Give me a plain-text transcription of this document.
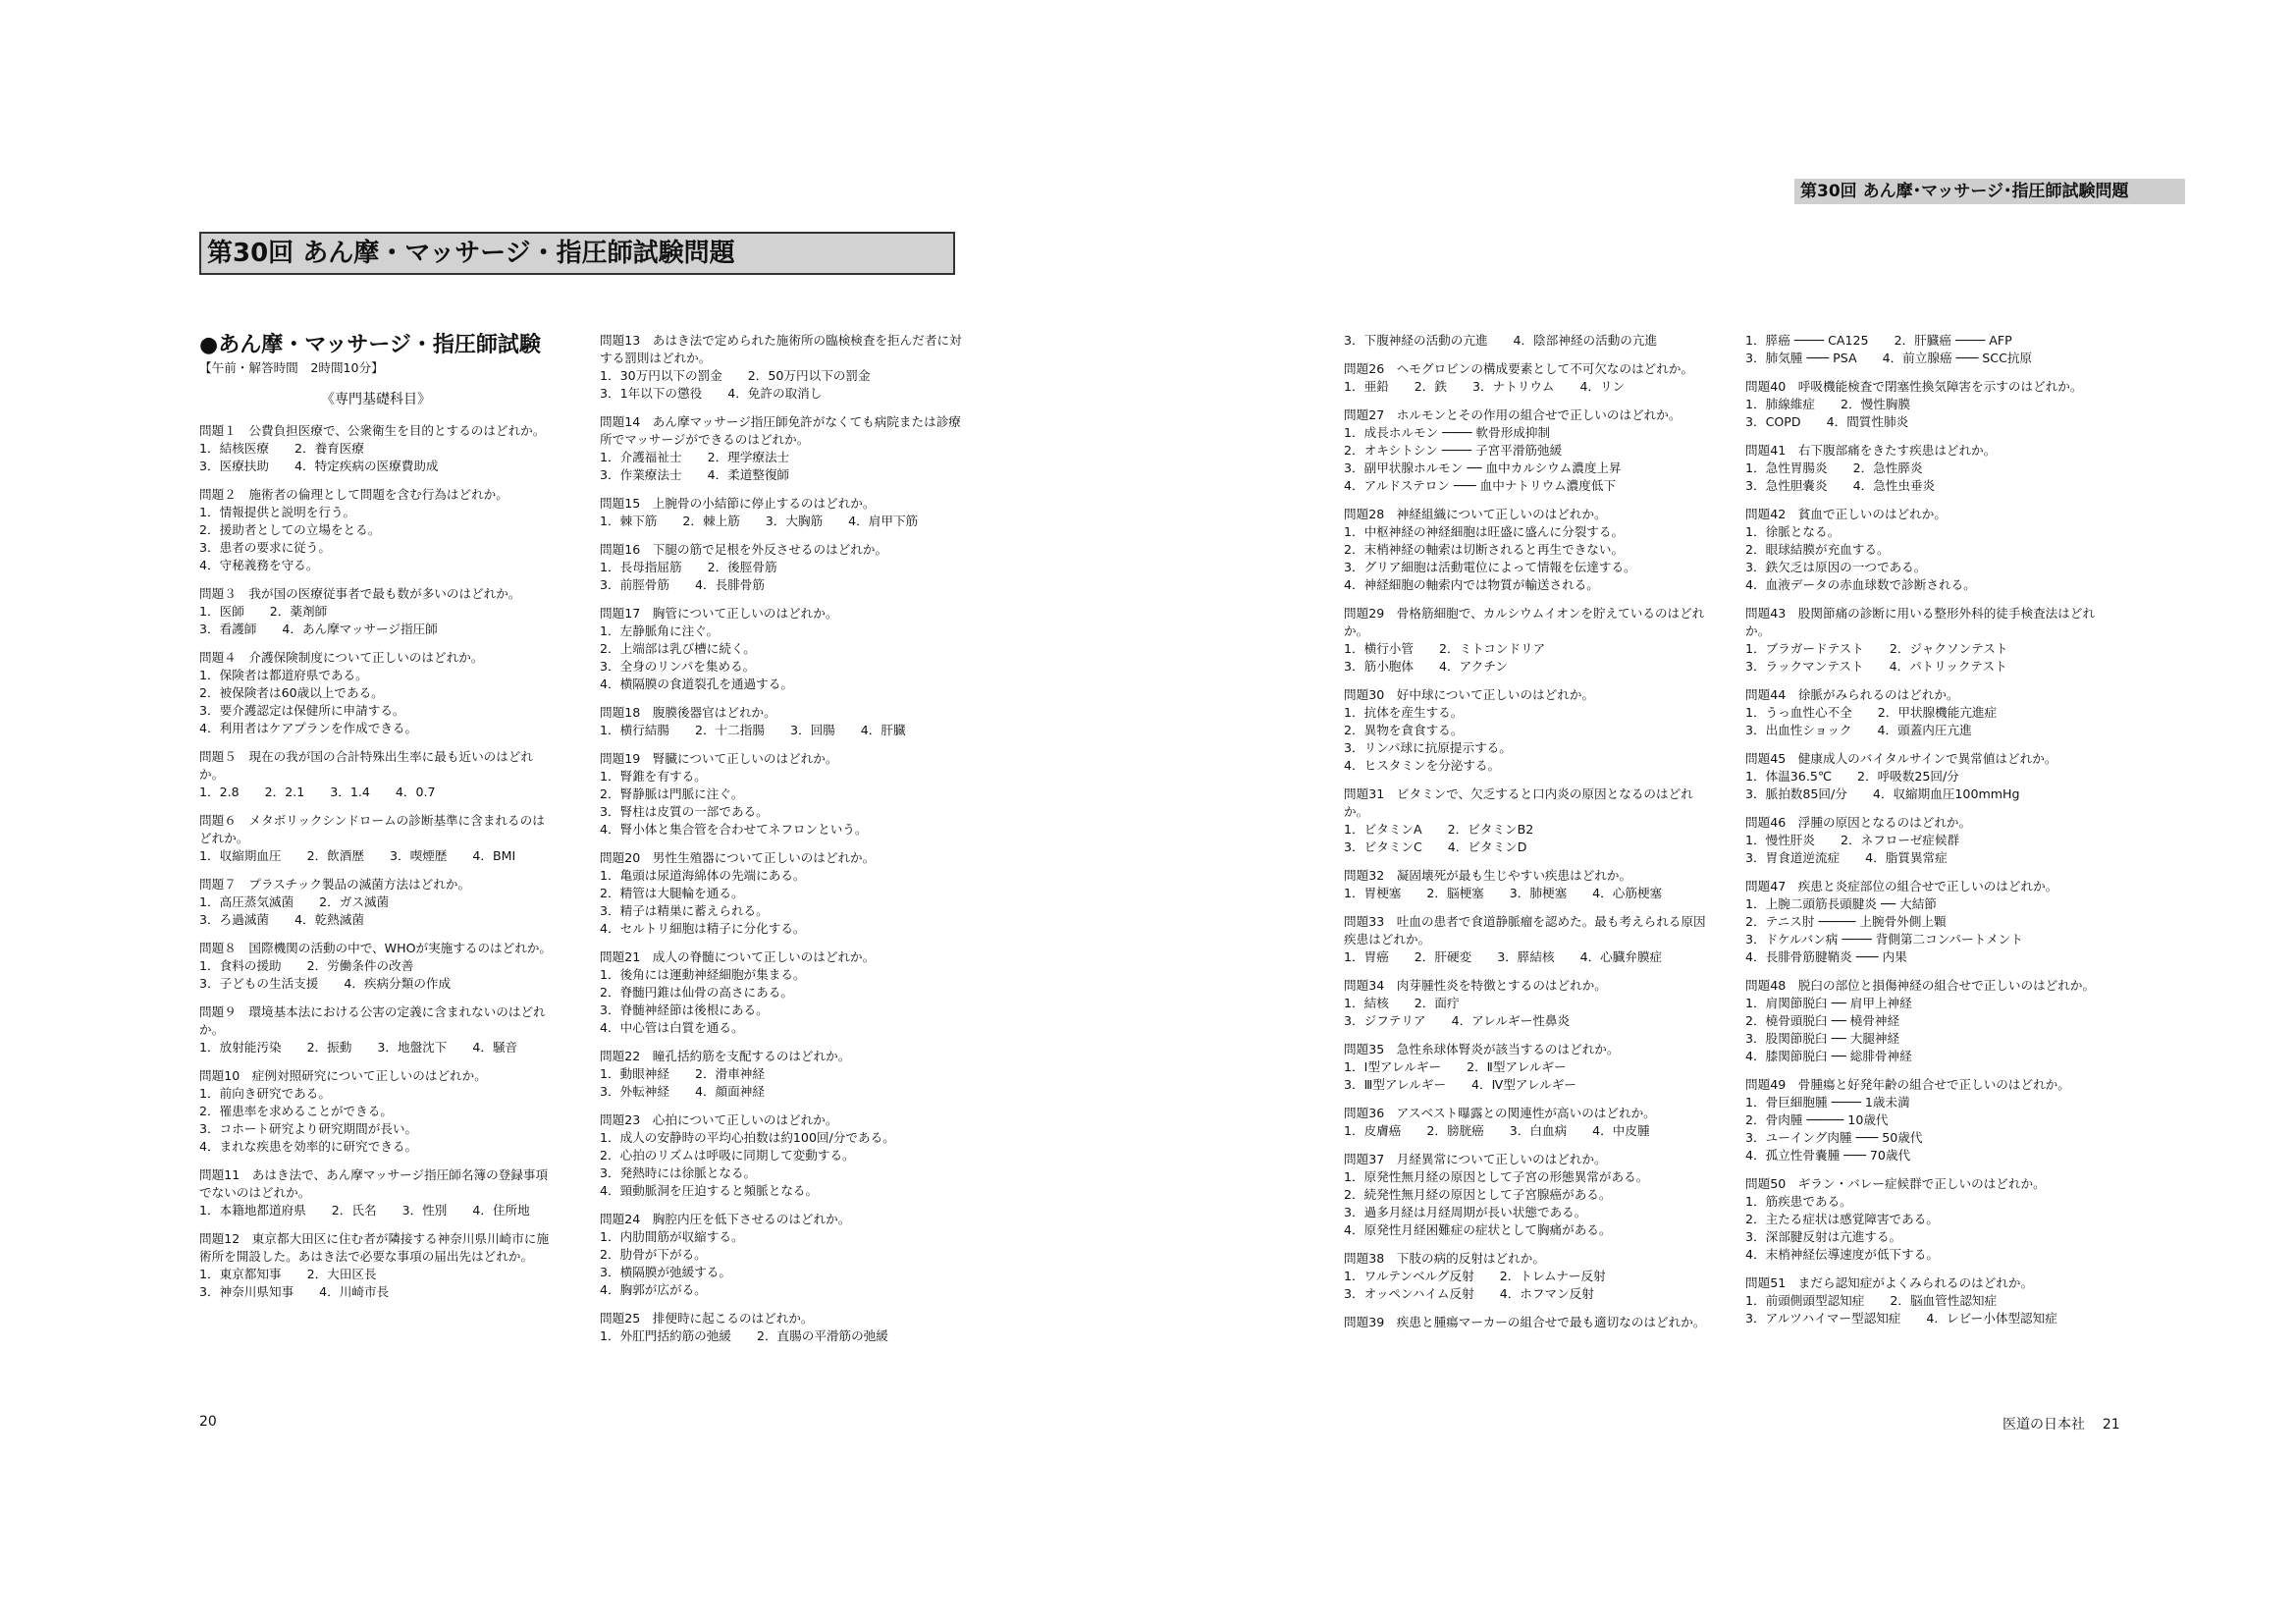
第30回 あん摩･マッサージ･指圧師試験問題
第30回 あん摩・マッサージ・指圧師試験問題
●あん摩・マッサージ・指圧師試験
【午前・解答時間　2時間10分】
《専門基礎科目》
問題１　公費負担医療で、公衆衛生を目的とするのはどれか。
1．結核医療 2．養育医療
3．医療扶助 4．特定疾病の医療費助成
問題２　施術者の倫理として問題を含む行為はどれか。
1．情報提供と説明を行う。
2．援助者としての立場をとる。
3．患者の要求に従う。
4．守秘義務を守る。
問題３　我が国の医療従事者で最も数が多いのはどれか。
1．医師 2．薬剤師
3．看護師 4．あん摩マッサージ指圧師
問題４　介護保険制度について正しいのはどれか。
1．保険者は都道府県である。
2．被保険者は60歳以上である。
3．要介護認定は保健所に申請する。
4．利用者はケアプランを作成できる。
問題５　現在の我が国の合計特殊出生率に最も近いのはどれか。
1．2.8 2．2.1 3．1.4 4．0.7
問題６　メタボリックシンドロームの診断基準に含まれるのはどれか。
1．収縮期血圧 2．飲酒歴 3．喫煙歴 4．BMI
問題７　プラスチック製品の滅菌方法はどれか。
1．高圧蒸気滅菌 2．ガス滅菌
3．ろ過滅菌 4．乾熱滅菌
問題８　国際機関の活動の中で、WHOが実施するのはどれか。
1．食料の援助 2．労働条件の改善
3．子どもの生活支援 4．疾病分類の作成
問題９　環境基本法における公害の定義に含まれないのはどれか。
1．放射能汚染 2．振動 3．地盤沈下 4．騒音
問題10　症例対照研究について正しいのはどれか。
1．前向き研究である。
2．罹患率を求めることができる。
3．コホート研究より研究期間が長い。
4．まれな疾患を効率的に研究できる。
問題11　あはき法で、あん摩マッサージ指圧師名簿の登録事項でないのはどれか。
1．本籍地都道府県 2．氏名 3．性別 4．住所地
問題12　東京都大田区に住む者が隣接する神奈川県川崎市に施術所を開設した。あはき法で必要な事項の届出先はどれか。
1．東京都知事 2．大田区長
3．神奈川県知事 4．川崎市長
問題13　あはき法で定められた施術所の臨検検査を拒んだ者に対する罰則はどれか。
1．30万円以下の罰金 2．50万円以下の罰金
3．1年以下の懲役 4．免許の取消し
問題14　あん摩マッサージ指圧師免許がなくても病院または診療所でマッサージができるのはどれか。
1．介護福祉士 2．理学療法士
3．作業療法士 4．柔道整復師
問題15　上腕骨の小結節に停止するのはどれか。
1．棘下筋 2．棘上筋 3．大胸筋 4．肩甲下筋
問題16　下腿の筋で足根を外反させるのはどれか。
1．長母指屈筋 2．後脛骨筋
3．前脛骨筋 4．長腓骨筋
問題17　胸管について正しいのはどれか。
1．左静脈角に注ぐ。
2．上端部は乳び槽に続く。
3．全身のリンパを集める。
4．横隔膜の食道裂孔を通過する。
問題18　腹膜後器官はどれか。
1．横行結腸 2．十二指腸 3．回腸 4．肝臓
問題19　腎臓について正しいのはどれか。
1．腎錐を有する。
2．腎静脈は門脈に注ぐ。
3．腎柱は皮質の一部である。
4．腎小体と集合管を合わせてネフロンという。
問題20　男性生殖器について正しいのはどれか。
1．亀頭は尿道海綿体の先端にある。
2．精管は大腿輪を通る。
3．精子は精巣に蓄えられる。
4．セルトリ細胞は精子に分化する。
問題21　成人の脊髄について正しいのはどれか。
1．後角には運動神経細胞が集まる。
2．脊髄円錐は仙骨の高さにある。
3．脊髄神経節は後根にある。
4．中心管は白質を通る。
問題22　瞳孔括約筋を支配するのはどれか。
1．動眼神経 2．滑車神経
3．外転神経 4．顔面神経
問題23　心拍について正しいのはどれか。
1．成人の安静時の平均心拍数は約100回/分である。
2．心拍のリズムは呼吸に同期して変動する。
3．発熱時には徐脈となる。
4．頸動脈洞を圧迫すると頻脈となる。
問題24　胸腔内圧を低下させるのはどれか。
1．内肋間筋が収縮する。
2．肋骨が下がる。
3．横隔膜が弛緩する。
4．胸郭が広がる。
問題25　排便時に起こるのはどれか。
1．外肛門括約筋の弛緩 2．直腸の平滑筋の弛緩
3．下腹神経の活動の亢進 4．陰部神経の活動の亢進
問題26　ヘモグロビンの構成要素として不可欠なのはどれか。
1．亜鉛 2．鉄 3．ナトリウム 4．リン
問題27　ホルモンとその作用の組合せで正しいのはどれか。
1．成長ホルモン ──── 軟骨形成抑制
2．オキシトシン ──── 子宮平滑筋弛緩
3．副甲状腺ホルモン ── 血中カルシウム濃度上昇
4．アルドステロン ─── 血中ナトリウム濃度低下
問題28　神経組織について正しいのはどれか。
1．中枢神経の神経細胞は旺盛に盛んに分裂する。
2．末梢神経の軸索は切断されると再生できない。
3．グリア細胞は活動電位によって情報を伝達する。
4．神経細胞の軸索内では物質が輸送される。
問題29　骨格筋細胞で、カルシウムイオンを貯えているのはどれか。
1．横行小管 2．ミトコンドリア
3．筋小胞体 4．アクチン
問題30　好中球について正しいのはどれか。
1．抗体を産生する。
2．異物を貪食する。
3．リンパ球に抗原提示する。
4．ヒスタミンを分泌する。
問題31　ビタミンで、欠乏すると口内炎の原因となるのはどれか。
1．ビタミンA 2．ビタミンB2
3．ビタミンC 4．ビタミンD
問題32　凝固壊死が最も生じやすい疾患はどれか。
1．胃梗塞 2．脳梗塞 3．肺梗塞 4．心筋梗塞
問題33　吐血の患者で食道静脈瘤を認めた。最も考えられる原因疾患はどれか。
1．胃癌 2．肝硬変 3．膵結核 4．心臓弁膜症
問題34　肉芽腫性炎を特徴とするのはどれか。
1．結核 2．面疔
3．ジフテリア 4．アレルギー性鼻炎
問題35　急性糸球体腎炎が該当するのはどれか。
1．Ⅰ型アレルギー 2．Ⅱ型アレルギー
3．Ⅲ型アレルギー 4．Ⅳ型アレルギー
問題36　アスベスト曝露との関連性が高いのはどれか。
1．皮膚癌 2．膀胱癌 3．白血病 4．中皮腫
問題37　月経異常について正しいのはどれか。
1．原発性無月経の原因として子宮の形態異常がある。
2．続発性無月経の原因として子宮腺癌がある。
3．過多月経は月経周期が長い状態である。
4．原発性月経困難症の症状として胸痛がある。
問題38　下肢の病的反射はどれか。
1．ワルテンベルグ反射 2．トレムナー反射
3．オッペンハイム反射 4．ホフマン反射
問題39　疾患と腫瘍マーカーの組合せで最も適切なのはどれか。
1．膵癌 ──── CA125 2．肝臓癌 ──── AFP
3．肺気腫 ─── PSA 4．前立腺癌 ─── SCC抗原
問題40　呼吸機能検査で閉塞性換気障害を示すのはどれか。
1．肺線維症 2．慢性胸膜
3．COPD 4．間質性肺炎
問題41　右下腹部痛をきたす疾患はどれか。
1．急性胃腸炎 2．急性膵炎
3．急性胆嚢炎 4．急性虫垂炎
問題42　貧血で正しいのはどれか。
1．徐脈となる。
2．眼球結膜が充血する。
3．鉄欠乏は原因の一つである。
4．血液データの赤血球数で診断される。
問題43　股関節痛の診断に用いる整形外科的徒手検査法はどれか。
1．ブラガードテスト 2．ジャクソンテスト
3．ラックマンテスト 4．パトリックテスト
問題44　徐脈がみられるのはどれか。
1．うっ血性心不全 2．甲状腺機能亢進症
3．出血性ショック 4．頭蓋内圧亢進
問題45　健康成人のバイタルサインで異常値はどれか。
1．体温36.5℃ 2．呼吸数25回/分
3．脈拍数85回/分 4．収縮期血圧100mmHg
問題46　浮腫の原因となるのはどれか。
1．慢性肝炎 2．ネフローゼ症候群
3．胃食道逆流症 4．脂質異常症
問題47　疾患と炎症部位の組合せで正しいのはどれか。
1．上腕二頭筋長頭腱炎 ── 大結節
2．テニス肘 ───── 上腕骨外側上顆
3．ドケルバン病 ──── 背側第二コンパートメント
4．長腓骨筋腱鞘炎 ─── 内果
問題48　脱臼の部位と損傷神経の組合せで正しいのはどれか。
1．肩関節脱臼 ── 肩甲上神経
2．橈骨頭脱臼 ── 橈骨神経
3．股関節脱臼 ── 大腿神経
4．膝関節脱臼 ── 総腓骨神経
問題49　骨腫瘍と好発年齢の組合せで正しいのはどれか。
1．骨巨細胞腫 ──── 1歳未満
2．骨肉腫 ───── 10歳代
3．ユーイング肉腫 ─── 50歳代
4．孤立性骨嚢腫 ─── 70歳代
問題50　ギラン・バレー症候群で正しいのはどれか。
1．筋疾患である。
2．主たる症状は感覚障害である。
3．深部腱反射は亢進する。
4．末梢神経伝導速度が低下する。
問題51　まだら認知症がよくみられるのはどれか。
1．前頭側頭型認知症 2．脳血管性認知症
3．アルツハイマー型認知症 4．レビー小体型認知症
20	医道の日本社 21
